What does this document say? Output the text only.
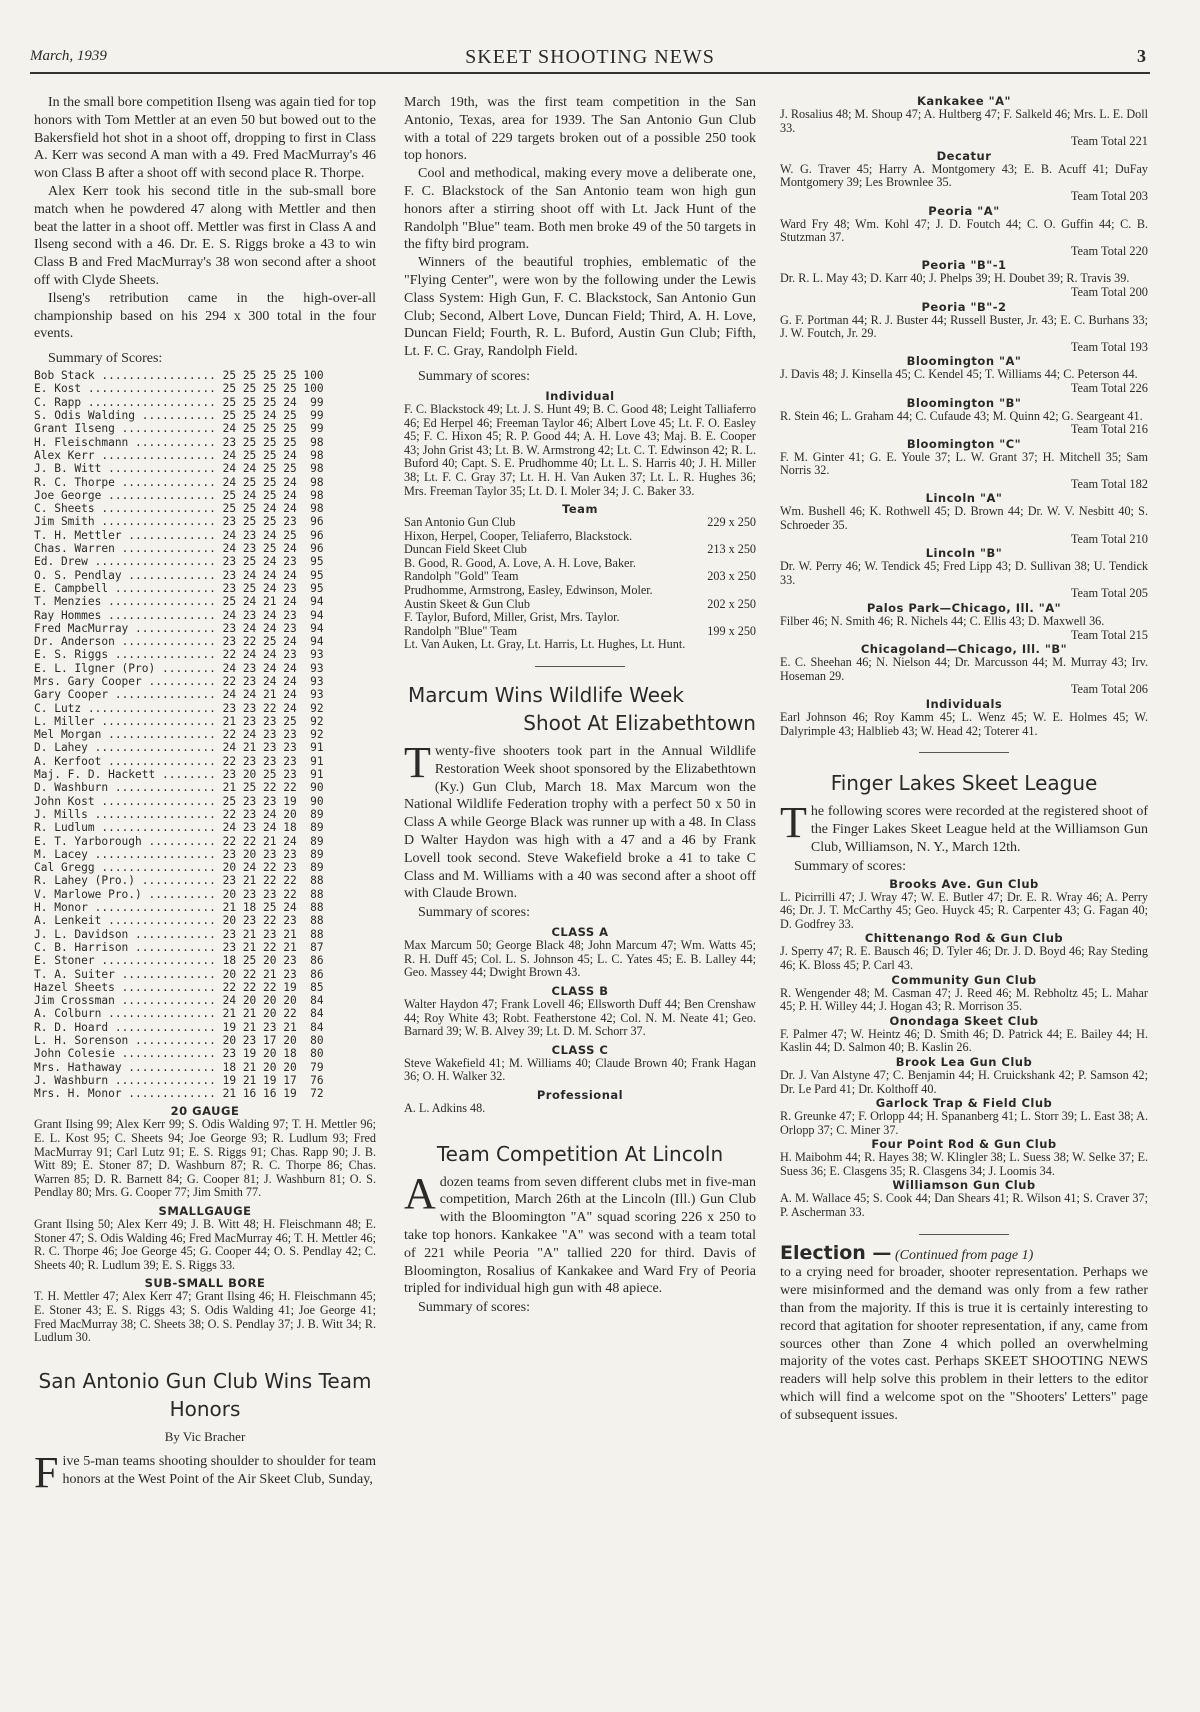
March, 1939	SKEET SHOOTING NEWS	3

In the small bore competition Ilseng was again tied for top honors with Tom Mettler at an even 50 but bowed out to the Bakersfield hot shot in a shoot off, dropping to first in Class A. Kerr was second A man with a 49. Fred MacMurray's 46 won Class B after a shoot off with second place R. Thorpe.

Alex Kerr took his second title in the sub-small bore match when he powdered 47 along with Mettler and then beat the latter in a shoot off. Mettler was first in Class A and Ilseng second with a 46. Dr. E. S. Riggs broke a 43 to win Class B and Fred MacMurray's 38 won second after a shoot off with Clyde Sheets.

Ilseng's retribution came in the high-over-all championship based on his 294 x 300 total in the four events.

Summary of Scores:
Bob Stack ................. 25 25 25 25 100
E. Kost ................... 25 25 25 25 100
C. Rapp ................... 25 25 25 24  99
S. Odis Walding ........... 25 25 24 25  99
Grant Ilseng .............. 24 25 25 25  99
H. Fleischmann ............ 23 25 25 25  98
Alex Kerr ................. 24 25 25 24  98
J. B. Witt ................ 24 24 25 25  98
R. C. Thorpe .............. 24 25 25 24  98
Joe George ................ 25 24 25 24  98
C. Sheets ................. 25 25 24 24  98
Jim Smith ................. 23 25 25 23  96
T. H. Mettler ............. 24 23 24 25  96
Chas. Warren .............. 24 23 25 24  96
Ed. Drew .................. 23 25 24 23  95
O. S. Pendlay ............. 23 24 24 24  95
E. Campbell ............... 23 25 24 23  95
T. Menzies ................ 25 24 21 24  94
Ray Hommes ................ 24 23 24 23  94
Fred MacMurray ............ 23 24 24 23  94
Dr. Anderson .............. 23 22 25 24  94
E. S. Riggs ............... 22 24 24 23  93
E. L. Ilgner (Pro) ........ 24 23 24 24  93
Mrs. Gary Cooper .......... 22 23 24 24  93
Gary Cooper ............... 24 24 21 24  93
C. Lutz ................... 23 23 22 24  92
L. Miller ................. 21 23 23 25  92
Mel Morgan ................ 22 24 23 23  92
D. Lahey .................. 24 21 23 23  91
A. Kerfoot ................ 22 23 23 23  91
Maj. F. D. Hackett ........ 23 20 25 23  91
D. Washburn ............... 21 25 22 22  90
John Kost ................. 25 23 23 19  90
J. Mills .................. 22 23 24 20  89
R. Ludlum ................. 24 23 24 18  89
E. T. Yarborough .......... 22 22 21 24  89
M. Lacey .................. 23 20 23 23  89
Cal Gregg ................. 20 24 22 23  89
R. Lahey (Pro.) ........... 23 21 22 22  88
V. Marlowe Pro.) .......... 20 23 23 22  88
H. Monor .................. 21 18 25 24  88
A. Lenkeit ................ 20 23 22 23  88
J. L. Davidson ............ 23 21 23 21  88
C. B. Harrison ............ 23 21 22 21  87
E. Stoner ................. 18 25 20 23  86
T. A. Suiter .............. 20 22 21 23  86
Hazel Sheets .............. 22 22 22 19  85
Jim Crossman .............. 24 20 20 20  84
A. Colburn ................ 21 21 20 22  84
R. D. Hoard ............... 19 21 23 21  84
L. H. Sorenson ............ 20 23 17 20  80
John Colesie .............. 23 19 20 18  80
Mrs. Hathaway ............. 18 21 20 20  79
J. Washburn ............... 19 21 19 17  76
Mrs. H. Monor ............. 21 16 16 19  72
20 GAUGE

Grant Ilsing 99; Alex Kerr 99; S. Odis Walding 97; T. H. Mettler 96; E. L. Kost 95; C. Sheets 94; Joe George 93; R. Ludlum 93; Fred MacMurray 91; Carl Lutz 91; E. S. Riggs 91; Chas. Rapp 90; J. B. Witt 89; E. Stoner 87; D. Washburn 87; R. C. Thorpe 86; Chas. Warren 85; D. R. Barnett 84; G. Cooper 81; J. Washburn 81; O. S. Pendlay 80; Mrs. G. Cooper 77; Jim Smith 77.

SMALLGAUGE

Grant Ilsing 50; Alex Kerr 49; J. B. Witt 48; H. Fleischmann 48; E. Stoner 47; S. Odis Walding 46; Fred MacMurray 46; T. H. Mettler 46; R. C. Thorpe 46; Joe George 45; G. Cooper 44; O. S. Pendlay 42; C. Sheets 40; R. Ludlum 39; E. S. Riggs 33.

SUB-SMALL BORE

T. H. Mettler 47; Alex Kerr 47; Grant Ilsing 46; H. Fleischmann 45; E. Stoner 43; E. S. Riggs 43; S. Odis Walding 41; Joe George 41; Fred MacMurray 38; C. Sheets 38; O. S. Pendlay 37; J. B. Witt 34; R. Ludlum 30.

San Antonio Gun Club Wins Team Honors
By Vic Bracher

Five 5-man teams shooting shoulder to shoulder for team honors at the West Point of the Air Skeet Club, Sunday,

March 19th, was the first team competition in the San Antonio, Texas, area for 1939. The San Antonio Gun Club with a total of 229 targets broken out of a possible 250 took top honors.

Cool and methodical, making every move a deliberate one, F. C. Blackstock of the San Antonio team won high gun honors after a stirring shoot off with Lt. Jack Hunt of the Randolph "Blue" team. Both men broke 49 of the 50 targets in the fifty bird program.

Winners of the beautiful trophies, emblematic of the "Flying Center", were won by the following under the Lewis Class System: High Gun, F. C. Blackstock, San Antonio Gun Club; Second, Albert Love, Duncan Field; Third, A. H. Love, Duncan Field; Fourth, R. L. Buford, Austin Gun Club; Fifth, Lt. F. C. Gray, Randolph Field.

Summary of scores:
Individual

F. C. Blackstock 49; Lt. J. S. Hunt 49; B. C. Good 48; Leight Talliaferro 46; Ed Herpel 46; Freeman Taylor 46; Albert Love 45; Lt. F. O. Easley 45; F. C. Hixon 45; R. P. Good 44; A. H. Love 43; Maj. B. E. Cooper 43; John Grist 43; Lt. B. W. Armstrong 42; Lt. C. T. Edwinson 42; R. L. Buford 40; Capt. S. E. Prudhomme 40; Lt. L. S. Harris 40; J. H. Miller 38; Lt. F. C. Gray 37; Lt. H. H. Van Auken 37; Lt. L. R. Hughes 36; Mrs. Freeman Taylor 35; Lt. D. I. Moler 34; J. C. Baker 33.

Team
San Antonio Gun Club	229 x 250

Hixon, Herpel, Cooper, Teliaferro, Blackstock.

Duncan Field Skeet Club	213 x 250

B. Good, R. Good, A. Love, A. H. Love, Baker.

Randolph "Gold" Team	203 x 250

Prudhomme, Armstrong, Easley, Edwinson, Moler.

Austin Skeet & Gun Club	202 x 250

F. Taylor, Buford, Miller, Grist, Mrs. Taylor.

Randolph "Blue" Team	199 x 250

Lt. Van Auken, Lt. Gray, Lt. Harris, Lt. Hughes, Lt. Hunt.

Marcum Wins Wildlife Week
Shoot At Elizabethtown

Twenty-five shooters took part in the Annual Wildlife Restoration Week shoot sponsored by the Elizabethtown (Ky.) Gun Club, March 18. Max Marcum won the National Wildlife Federation trophy with a perfect 50 x 50 in Class A while George Black was runner up with a 48. In Class D Walter Haydon was high with a 47 and a 46 by Frank Lovell took second. Steve Wakefield broke a 41 to take C Class and M. Williams with a 40 was second after a shoot off with Claude Brown.

Summary of scores:
CLASS A

Max Marcum 50; George Black 48; John Marcum 47; Wm. Watts 45; R. H. Duff 45; Col. L. S. Johnson 45; L. C. Yates 45; E. B. Lalley 44; Geo. Massey 44; Dwight Brown 43.

CLASS B

Walter Haydon 47; Frank Lovell 46; Ellsworth Duff 44; Ben Crenshaw 44; Roy White 43; Robt. Featherstone 42; Col. N. M. Neate 41; Geo. Barnard 39; W. B. Alvey 39; Lt. D. M. Schorr 37.

CLASS C

Steve Wakefield 41; M. Williams 40; Claude Brown 40; Frank Hagan 36; O. H. Walker 32.

Professional

A. L. Adkins 48.

Team Competition At Lincoln

Adozen teams from seven different clubs met in five-man competition, March 26th at the Lincoln (Ill.) Gun Club with the Bloomington "A" squad scoring 226 x 250 to take top honors. Kankakee "A" was second with a team total of 221 while Peoria "A" tallied 220 for third. Davis of Bloomington, Rosalius of Kankakee and Ward Fry of Peoria tripled for individual high gun with 48 apiece.

Summary of scores:
Kankakee "A"

J. Rosalius 48; M. Shoup 47; A. Hultberg 47; F. Salkeld 46; Mrs. L. E. Doll 33.

Team Total 221
Decatur

W. G. Traver 45; Harry A. Montgomery 43; E. B. Acuff 41; DuFay Montgomery 39; Les Brownlee 35.

Team Total 203
Peoria "A"

Ward Fry 48; Wm. Kohl 47; J. D. Foutch 44; C. O. Guffin 44; C. B. Stutzman 37.

Team Total 220
Peoria "B"-1

Dr. R. L. May 43; D. Karr 40; J. Phelps 39; H. Doubet 39; R. Travis 39.

Team Total 200
Peoria "B"-2

G. F. Portman 44; R. J. Buster 44; Russell Buster, Jr. 43; E. C. Burhans 33; J. W. Foutch, Jr. 29.

Team Total 193
Bloomington "A"

J. Davis 48; J. Kinsella 45; C. Kendel 45; T. Williams 44; C. Peterson 44.

Team Total 226
Bloomington "B"

R. Stein 46; L. Graham 44; C. Cufaude 43; M. Quinn 42; G. Seargeant 41.

Team Total 216
Bloomington "C"

F. M. Ginter 41; G. E. Youle 37; L. W. Grant 37; H. Mitchell 35; Sam Norris 32.

Team Total 182
Lincoln "A"

Wm. Bushell 46; K. Rothwell 45; D. Brown 44; Dr. W. V. Nesbitt 40; S. Schroeder 35.

Team Total 210
Lincoln "B"

Dr. W. Perry 46; W. Tendick 45; Fred Lipp 43; D. Sullivan 38; U. Tendick 33.

Team Total 205
Palos Park—Chicago, Ill. "A"

Filber 46; N. Smith 46; R. Nichels 44; C. Ellis 43; D. Maxwell 36.

Team Total 215
Chicagoland—Chicago, Ill. "B"

E. C. Sheehan 46; N. Nielson 44; Dr. Marcusson 44; M. Murray 43; Irv. Hoseman 29.

Team Total 206
Individuals

Earl Johnson 46; Roy Kamm 45; L. Wenz 45; W. E. Holmes 45; W. Dalyrimple 43; Halblieb 43; W. Head 42; Toterer 41.

Finger Lakes Skeet League

The following scores were recorded at the registered shoot of the Finger Lakes Skeet League held at the Williamson Gun Club, Williamson, N. Y., March 12th.

Summary of scores:
Brooks Ave. Gun Club

L. Picirrilli 47; J. Wray 47; W. E. Butler 47; Dr. E. R. Wray 46; A. Perry 46; Dr. J. T. McCarthy 45; Geo. Huyck 45; R. Carpenter 43; G. Fagan 40; D. Godfrey 33.

Chittenango Rod & Gun Club

J. Sperry 47; R. E. Bausch 46; D. Tyler 46; Dr. J. D. Boyd 46; Ray Steding 46; K. Bloss 45; P. Carl 43.

Community Gun Club

R. Wengender 48; M. Casman 47; J. Reed 46; M. Rebholtz 45; L. Mahar 45; P. H. Willey 44; J. Hogan 43; R. Morrison 35.

Onondaga Skeet Club

F. Palmer 47; W. Heintz 46; D. Smith 46; D. Patrick 44; E. Bailey 44; H. Kaslin 44; D. Salmon 40; B. Kaslin 26.

Brook Lea Gun Club

Dr. J. Van Alstyne 47; C. Benjamin 44; H. Cruickshank 42; P. Samson 42; Dr. Le Pard 41; Dr. Kolthoff 40.

Garlock Trap & Field Club

R. Greunke 47; F. Orlopp 44; H. Spananberg 41; L. Storr 39; L. East 38; A. Orlopp 37; C. Miner 37.

Four Point Rod & Gun Club

H. Maibohm 44; R. Hayes 38; W. Klingler 38; L. Suess 38; W. Selke 37; E. Suess 36; E. Clasgens 35; R. Clasgens 34; J. Loomis 34.

Williamson Gun Club

A. M. Wallace 45; S. Cook 44; Dan Shears 41; R. Wilson 41; S. Craver 37; P. Ascherman 33.

Election — (Continued from page 1)
to a crying need for broader, shooter representation. Perhaps we were misinformed and the demand was only from a few rather than from the majority. If this is true it is certainly interesting to record that agitation for shooter representation, if any, came from sources other than Zone 4 which polled an overwhelming majority of the votes cast. Perhaps SKEET SHOOTING NEWS readers will help solve this problem in their letters to the editor which will find a welcome spot on the "Shooters' Letters" page of subsequent issues.
